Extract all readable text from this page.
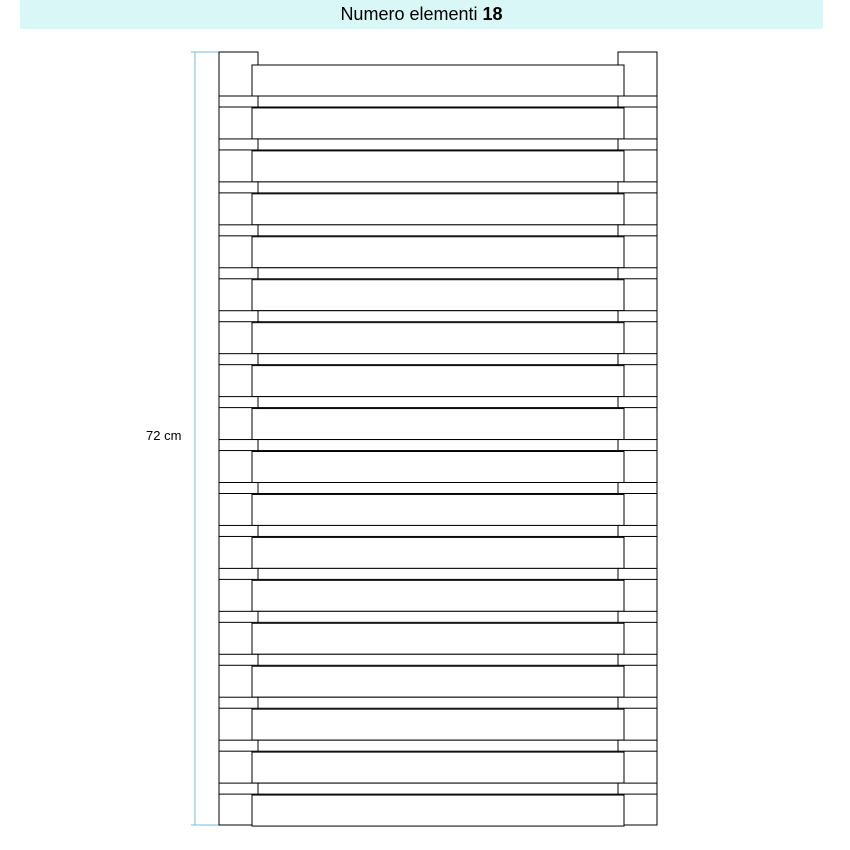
Numero elementi 18
72 cm
